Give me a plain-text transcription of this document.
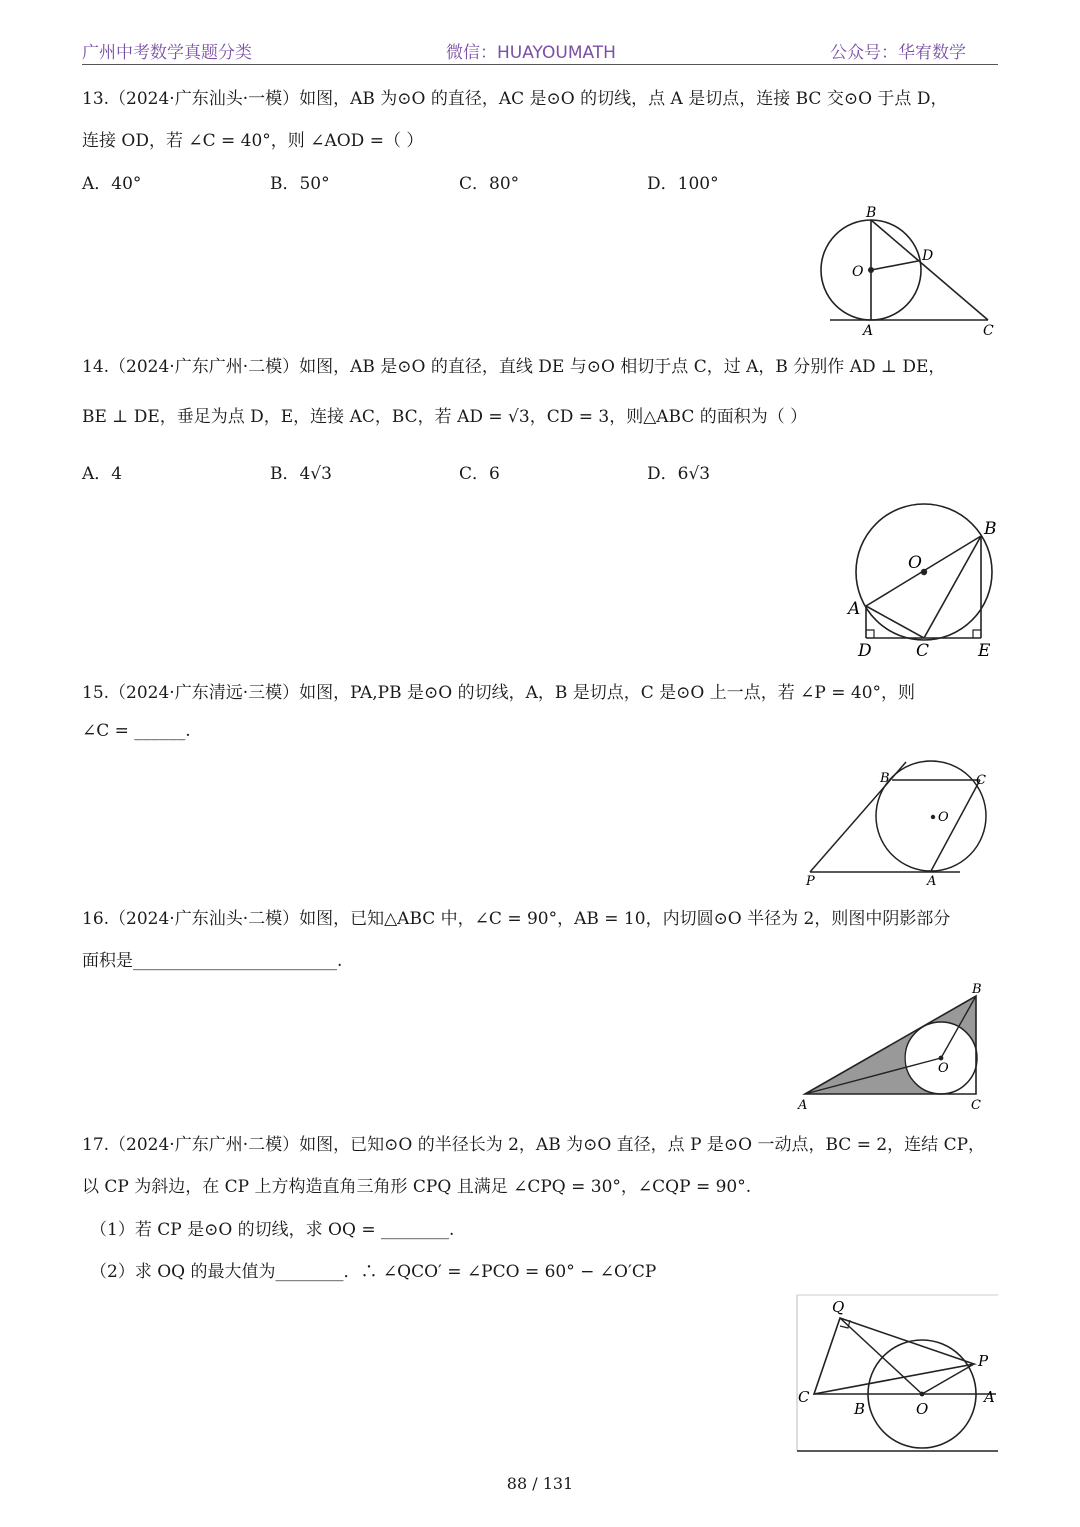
广州中考数学真题分类	微信：HUAYOUMATH	公众号：华宥数学
13.（2024·广东汕头·一模）如图，AB 为⊙O 的直径，AC 是⊙O 的切线，点 A 是切点，连接 BC 交⊙O 于点 D，
连接 OD，若 ∠C = 40°，则 ∠AOD =（ ）
A．40°	B．50°	C．80°	D．100°
B
O
D
A	C
14.（2024·广东广州·二模）如图，AB 是⊙O 的直径，直线 DE 与⊙O 相切于点 C，过 A，B 分别作 AD ⊥ DE，
BE ⊥ DE，垂足为点 D，E，连接 AC，BC，若 AD = √3，CD = 3，则△ABC 的面积为（ ）
A．4	B．4√3	C．6	D．6√3
B
O
A
D	C	E
15.（2024·广东清远·三模）如图，PA,PB 是⊙O 的切线，A，B 是切点，C 是⊙O 上一点，若 ∠P = 40°，则
∠C = ______.
B	C
O
P	A
16.（2024·广东汕头·二模）如图，已知△ABC 中，∠C = 90°，AB = 10，内切圆⊙O 半径为 2，则图中阴影部分
面积是________________________.
B
O
A	C
17.（2024·广东广州·二模）如图，已知⊙O 的半径长为 2，AB 为⊙O 直径，点 P 是⊙O 一动点，BC = 2，连结 CP，
以 CP 为斜边，在 CP 上方构造直角三角形 CPQ 且满足 ∠CPQ = 30°，∠CQP = 90°.
（1）若 CP 是⊙O 的切线，求 OQ = ________.
（2）求 OQ 的最大值为________．∴ ∠QCO′ = ∠PCO = 60° − ∠O′CP
Q
P
C
B	O
A
88 / 131
